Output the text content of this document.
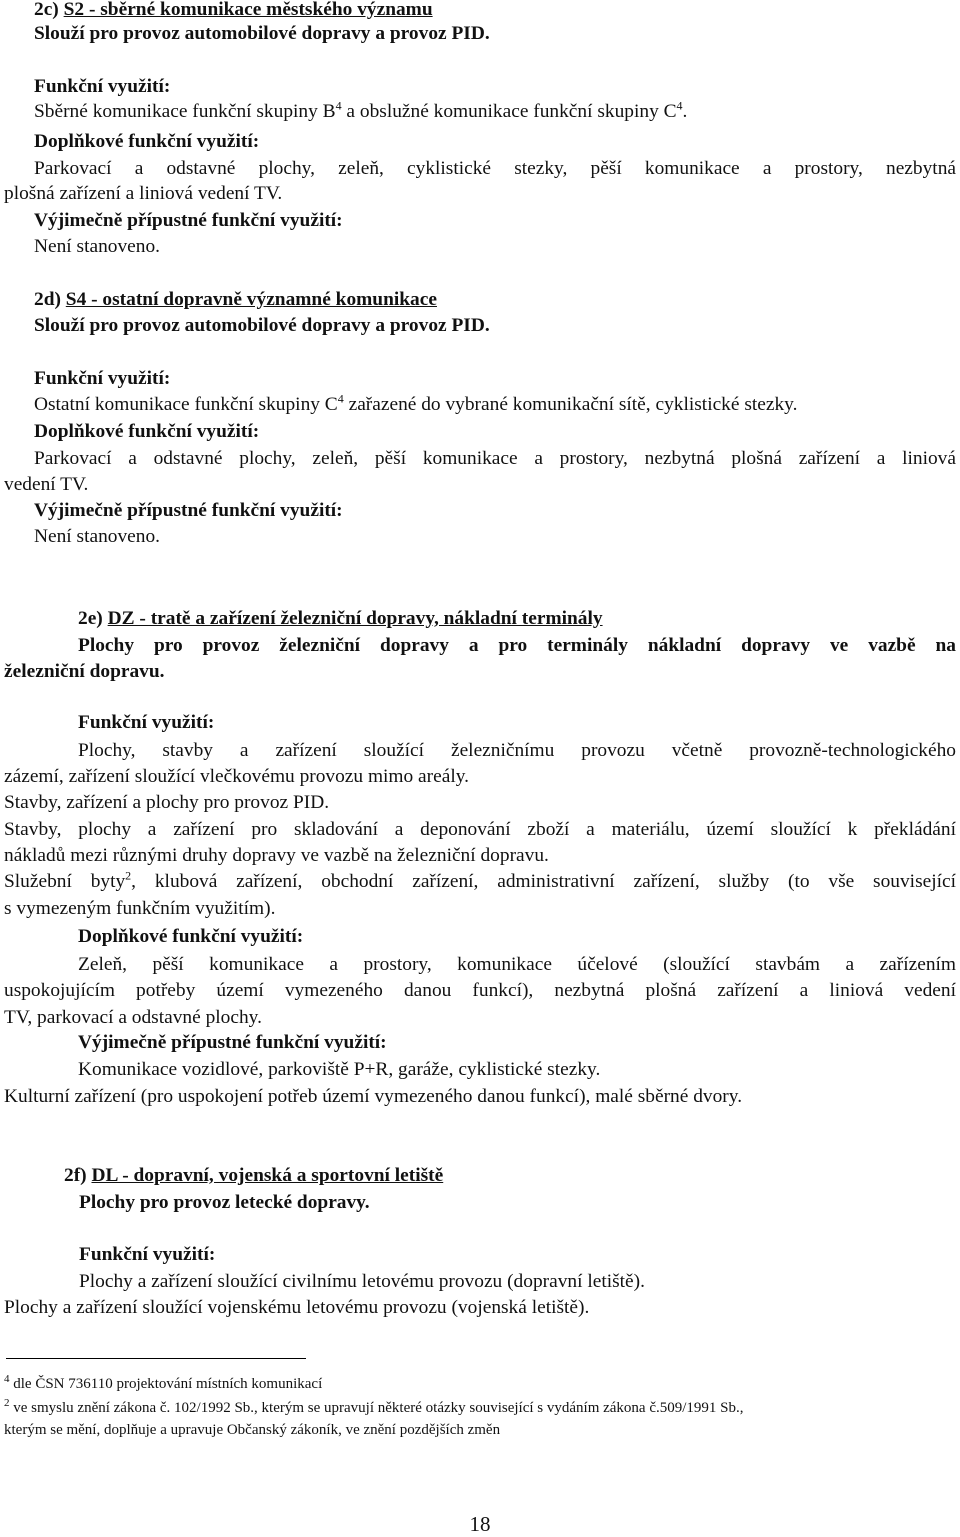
2c) S2 - sběrné komunikace městského významu
Slouží pro provoz automobilové dopravy a provoz PID.
Funkční využití:
Sběrné komunikace funkční skupiny $B^4$ a obslužné komunikace funkční skupiny $C^4$.
Doplňkové funkční využití:
Parkovací a odstavné plochy, zeleň, cyklistické stezky, pěší komunikace a prostory, nezbytná
plošná zařízení a liniová vedení TV.
Výjimečně přípustné funkční využití:
Není stanoveno.
2d) S4 - ostatní dopravně významné komunikace
Slouží pro provoz automobilové dopravy a provoz PID.
Funkční využití:
Ostatní komunikace funkční skupiny $C^4$ zařazené do vybrané komunikační sítě, cyklistické stezky.
Doplňkové funkční využití:
Parkovací a odstavné plochy, zeleň, pěší komunikace a prostory, nezbytná plošná zařízení a liniová
vedení TV.
Výjimečně přípustné funkční využití:
Není stanoveno.
2e) DZ - tratě a zařízení železniční dopravy, nákladní terminály
Plochy pro provoz železniční dopravy a pro terminály nákladní dopravy ve vazbě na
železniční dopravu.
Funkční využití:
Plochy, stavby a zařízení sloužící železničnímu provozu včetně provozně-technologického
zázemí, zařízení sloužící vlečkovému provozu mimo areály.
Stavby, zařízení a plochy pro provoz PID.
Stavby, plochy a zařízení pro skladování a deponování zboží a materiálu, území sloužící k překládání
nákladů mezi různými druhy dopravy ve vazbě na železniční dopravu.
Služební byty$^2$, klubová zařízení, obchodní zařízení, administrativní zařízení, služby (to vše související
s vymezeným funkčním využitím).
Doplňkové funkční využití:
Zeleň, pěší komunikace a prostory, komunikace účelové (sloužící stavbám a zařízením
uspokojujícím potřeby území vymezeného danou funkcí), nezbytná plošná zařízení a liniová vedení
TV, parkovací a odstavné plochy.
Výjimečně přípustné funkční využití:
Komunikace vozidlové, parkoviště P+R, garáže, cyklistické stezky.
Kulturní zařízení (pro uspokojení potřeb území vymezeného danou funkcí), malé sběrné dvory.
2f) DL - dopravní, vojenská a sportovní letiště
Plochy pro provoz letecké dopravy.
Funkční využití:
Plochy a zařízení sloužící civilnímu letovému provozu (dopravní letiště).
Plochy a zařízení sloužící vojenskému letovému provozu (vojenská letiště).
$^4$ dle ČSN 736110 projektování místních komunikací
$^2$ ve smyslu znění zákona č. 102/1992 Sb., kterým se upravují některé otázky související s vydáním zákona č.509/1991 Sb.,
kterým se mění, doplňuje a upravuje Občanský zákoník, ve znění pozdějších změn
18
